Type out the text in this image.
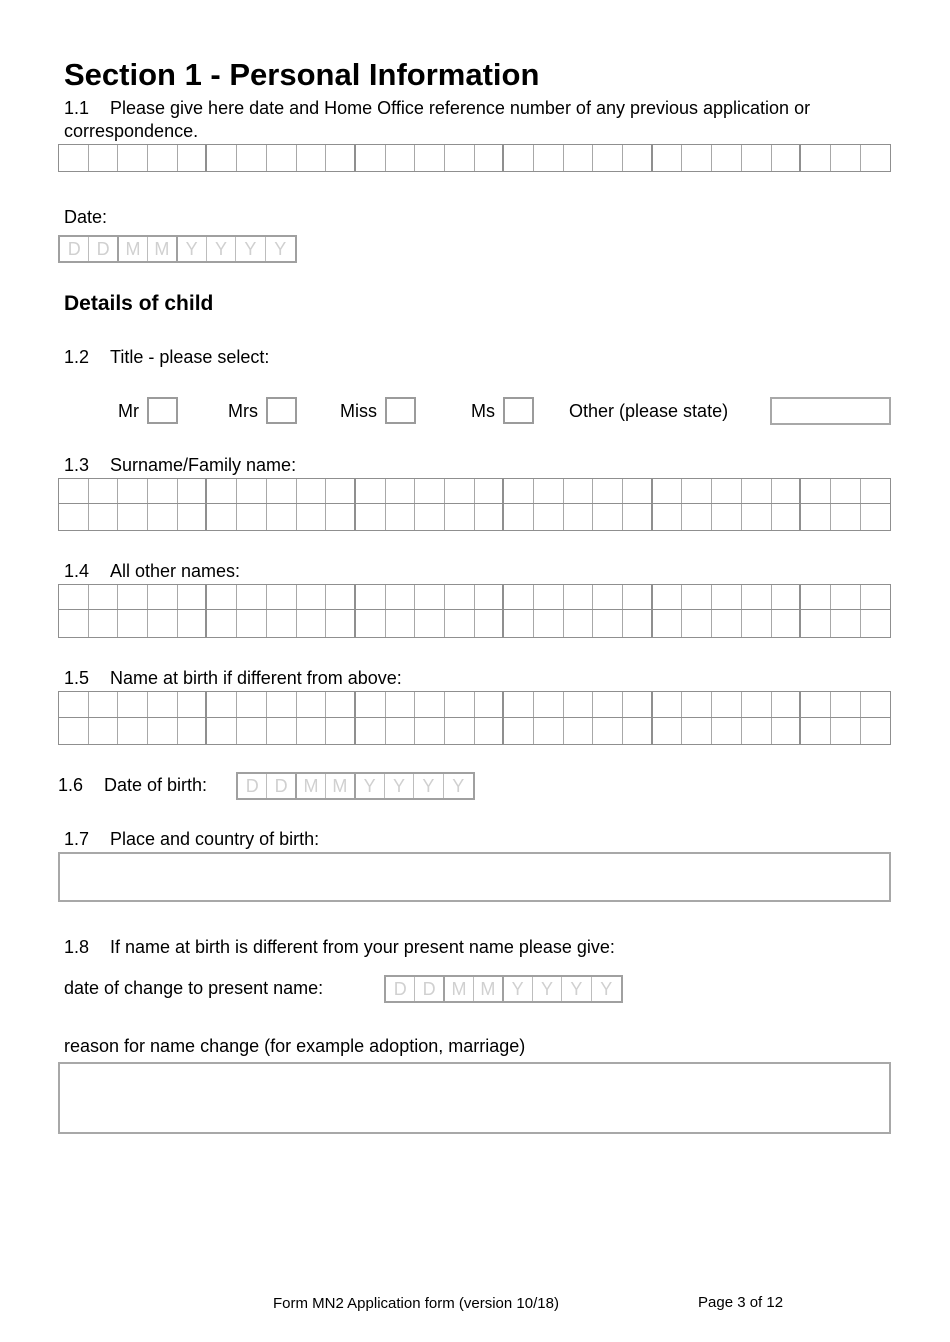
Section 1 - Personal Information
1.1 Please give here date and Home Office reference number of any previous application or
correspondence.
Date:
D D M M Y Y Y Y
Details of child
1.2 Title - please select:
Mr	Mrs	Miss	Ms	Other (please state)
1.3 Surname/Family name:
1.4 All other names:
1.5 Name at birth if different from above:
1.6 Date of birth:	D D M M Y Y Y Y
1.7 Place and country of birth:
1.8 If name at birth is different from your present name please give:
date of change to present name:	D D M M Y Y Y Y
reason for name change (for example adoption, marriage)
Form MN2 Application form (version 10/18)	Page 3 of 12
